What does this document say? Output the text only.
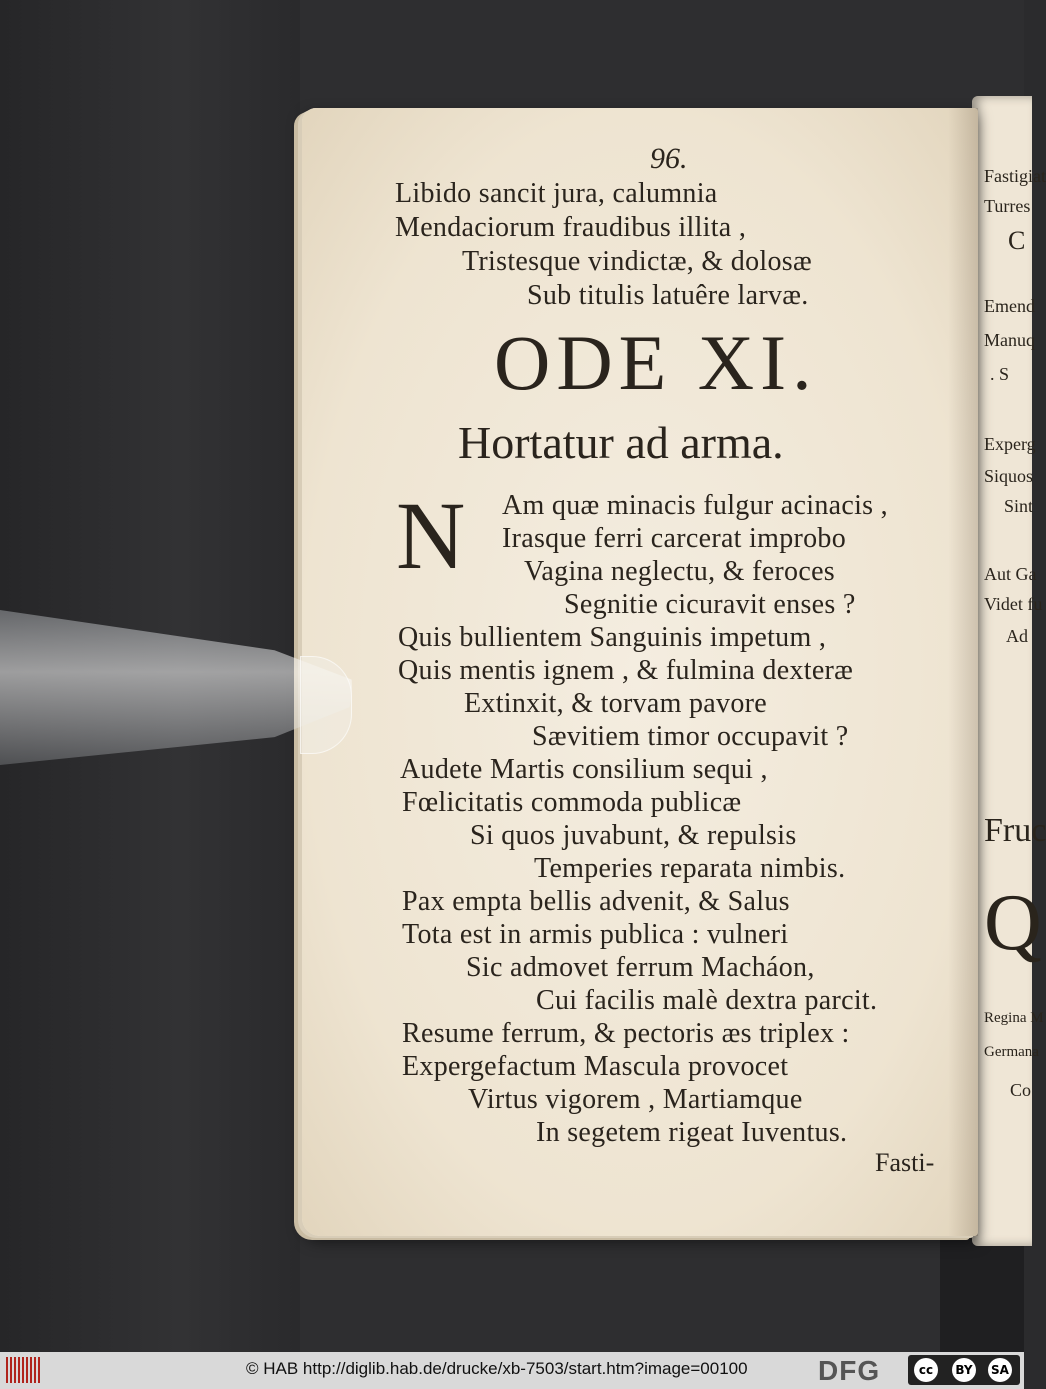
Fastigiat
Turres
C
Emend
Manuq
. S
Experg
Siquos
Sint
Aut Ga
Videt fu
Ad
Fruc
Q
Regina M
Germana
Co
96.
Libido sancit jura, calumnia
Mendaciorum fraudibus illita ,
Tristesque vindictæ, & dolosæ
Sub titulis latuêre larvæ.
ODE XI.
Hortatur ad arma.
N Am quæ minacis fulgur acinacis ,
Irasque ferri carcerat improbo
Vagina neglectu, & feroces
Segnitie cicuravit enses ?
Quis bullientem Sanguinis impetum ,
Quis mentis ignem , & fulmina dexteræ
Extinxit, & torvam pavore
Sævitiem timor occupavit ?
Audete Martis consilium sequi ,
Fœlicitatis commoda publicæ
Si quos juvabunt, & repulsis
Temperies reparata nimbis.
Pax empta bellis advenit, & Salus
Tota est in armis publica : vulneri
Sic admovet ferrum Macháon,
Cui facilis malè dextra parcit.
Resume ferrum, & pectoris æs triplex :
Expergefactum Mascula provocet
Virtus vigorem , Martiamque
In segetem rigeat Iuventus.
Fasti-
© HAB http://diglib.hab.de/drucke/xb-7503/start.htm?image=00100	DFG	cc	BY SA
